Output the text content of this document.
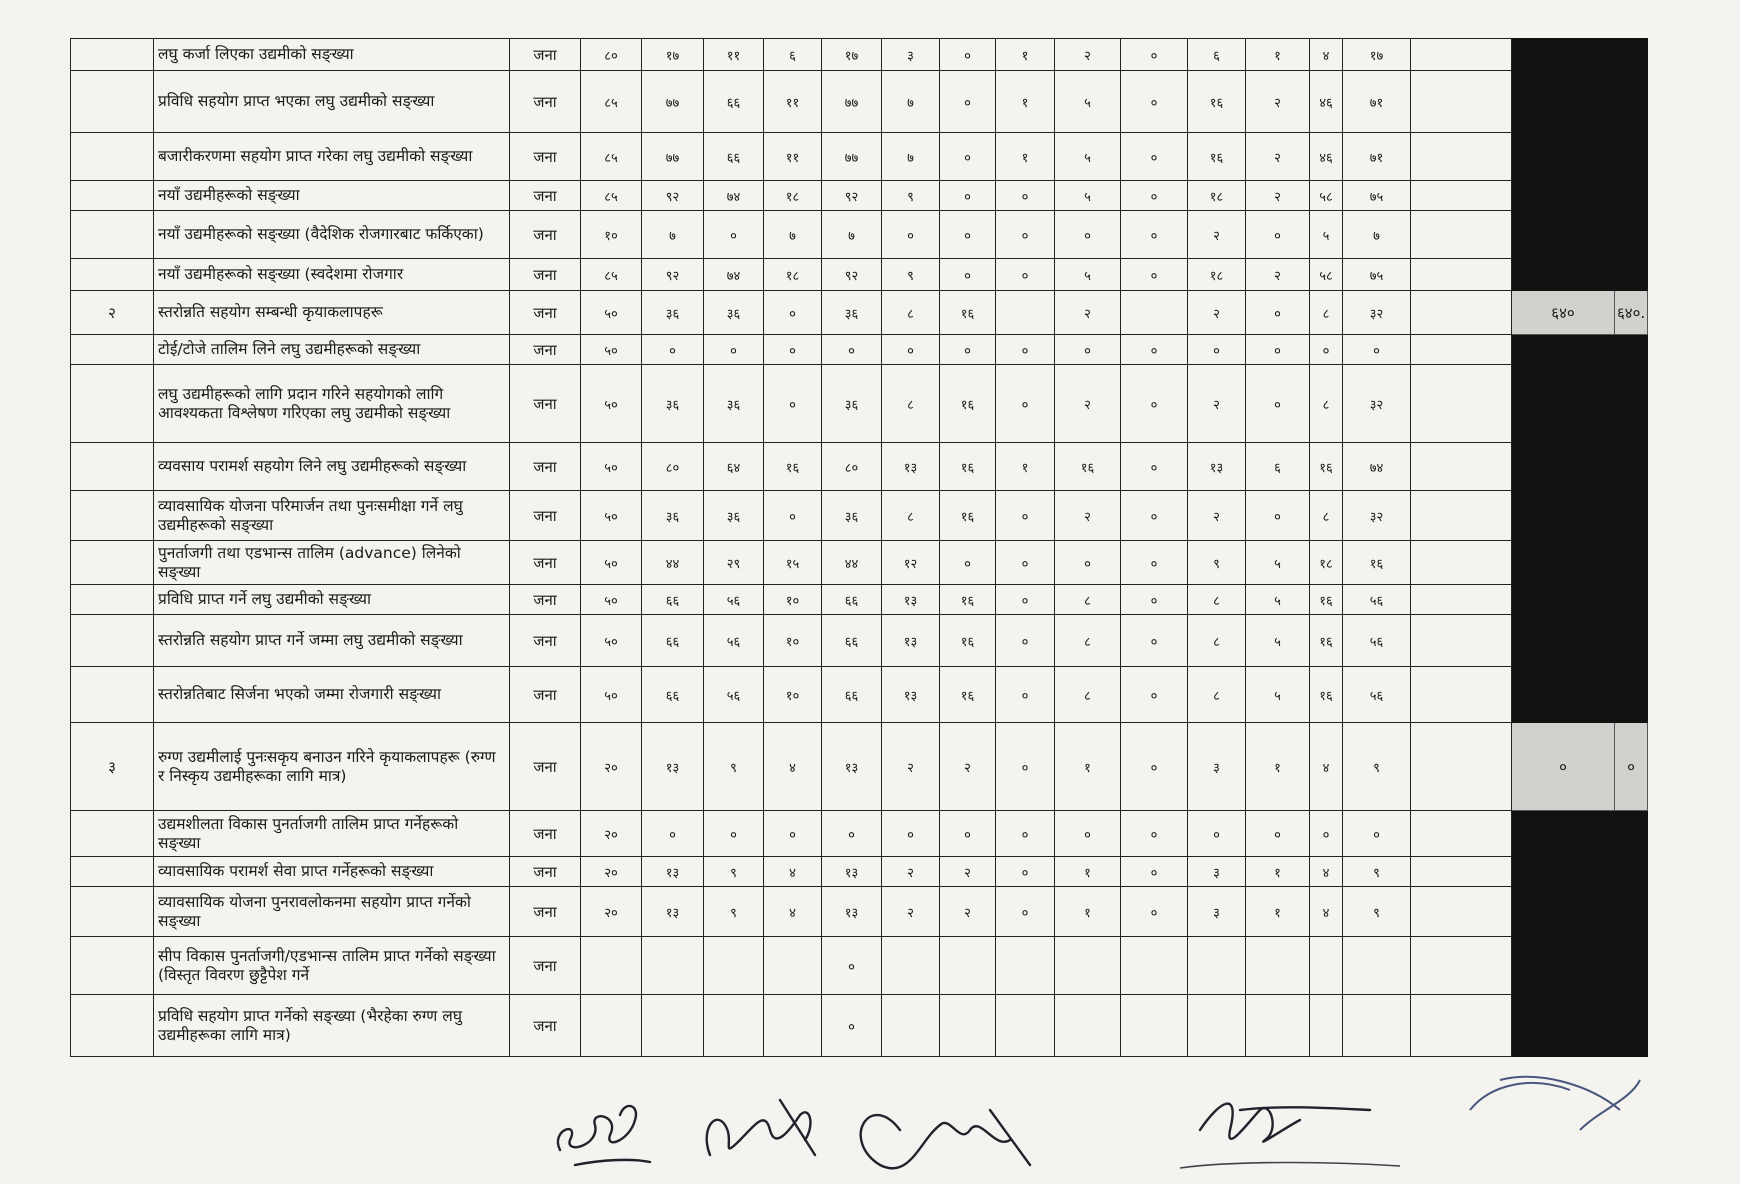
	लघु कर्जा लिएका उद्यमीको सङ्ख्या	जना	८०	१७	११	६	१७	३	०	१	२	०	६	१	४	१७			
	प्रविधि सहयोग प्राप्त भएका लघु उद्यमीको सङ्ख्या	जना	८५	७७	६६	११	७७	७	०	१	५	०	१६	२	४६	७१			
	बजारीकरणमा सहयोग प्राप्त गरेका लघु उद्यमीको सङ्ख्या	जना	८५	७७	६६	११	७७	७	०	१	५	०	१६	२	४६	७१			
	नयाँ उद्यमीहरूको सङ्ख्या	जना	८५	९२	७४	१८	९२	९	०	०	५	०	१८	२	५८	७५			
	नयाँ उद्यमीहरूको सङ्ख्या (वैदेशिक रोजगारबाट फर्किएका)	जना	१०	७	०	७	७	०	०	०	०	०	२	०	५	७			
	नयाँ उद्यमीहरूको सङ्ख्या (स्वदेशमा रोजगार	जना	८५	९२	७४	१८	९२	९	०	०	५	०	१८	२	५८	७५			
२	स्तरोन्नति सहयोग सम्बन्धी कृयाकलापहरू	जना	५०	३६	३६	०	३६	८	१६		२		२	०	८	३२		६४०	६४०.
	टोई/टोजे तालिम लिने लघु उद्यमीहरूको सङ्ख्या	जना	५०	०	०	०	०	०	०	०	०	०	०	०	०	०			
	लघु उद्यमीहरूको लागि प्रदान गरिने सहयोगको लागि आवश्यकता विश्लेषण गरिएका लघु उद्यमीको सङ्ख्या	जना	५०	३६	३६	०	३६	८	१६	०	२	०	२	०	८	३२			
	व्यवसाय परामर्श सहयोग लिने लघु उद्यमीहरूको सङ्ख्या	जना	५०	८०	६४	१६	८०	१३	१६	१	१६	०	१३	६	१६	७४			
	व्यावसायिक योजना परिमार्जन तथा पुनःसमीक्षा गर्ने लघु उद्यमीहरूको सङ्ख्या	जना	५०	३६	३६	०	३६	८	१६	०	२	०	२	०	८	३२			
	पुनर्ताजगी तथा एडभान्स तालिम (advance) लिनेको सङ्ख्या	जना	५०	४४	२९	१५	४४	१२	०	०	०	०	९	५	१८	१६			
	प्रविधि प्राप्त गर्ने लघु उद्यमीको सङ्ख्या	जना	५०	६६	५६	१०	६६	१३	१६	०	८	०	८	५	१६	५६			
	स्तरोन्नति सहयोग प्राप्त गर्ने जम्मा लघु उद्यमीको सङ्ख्या	जना	५०	६६	५६	१०	६६	१३	१६	०	८	०	८	५	१६	५६			
	स्तरोन्नतिबाट सिर्जना भएको जम्मा रोजगारी सङ्ख्या	जना	५०	६६	५६	१०	६६	१३	१६	०	८	०	८	५	१६	५६			
३	रुग्ण उद्यमीलाई पुनःसकृय बनाउन गरिने कृयाकलापहरू (रुग्ण र निस्कृय उद्यमीहरूका लागि मात्र)	जना	२०	१३	९	४	१३	२	२	०	१	०	३	१	४	९		०	०
	उद्यमशीलता विकास पुनर्ताजगी तालिम प्राप्त गर्नेहरूको सङ्ख्या	जना	२०	०	०	०	०	०	०	०	०	०	०	०	०	०			
	व्यावसायिक परामर्श सेवा प्राप्त गर्नेहरूको सङ्ख्या	जना	२०	१३	९	४	१३	२	२	०	१	०	३	१	४	९			
	व्यावसायिक योजना पुनरावलोकनमा सहयोग प्राप्त गर्नेको सङ्ख्या	जना	२०	१३	९	४	१३	२	२	०	१	०	३	१	४	९			
	सीप विकास पुनर्ताजगी/एडभान्स तालिम प्राप्त गर्नेको सङ्ख्या (विस्तृत विवरण छुट्टैपेश गर्ने	जना					०												
	प्रविधि सहयोग प्राप्त गर्नेको सङ्ख्या (भैरहेका रुग्ण लघु उद्यमीहरूका लागि मात्र)	जना					०												
